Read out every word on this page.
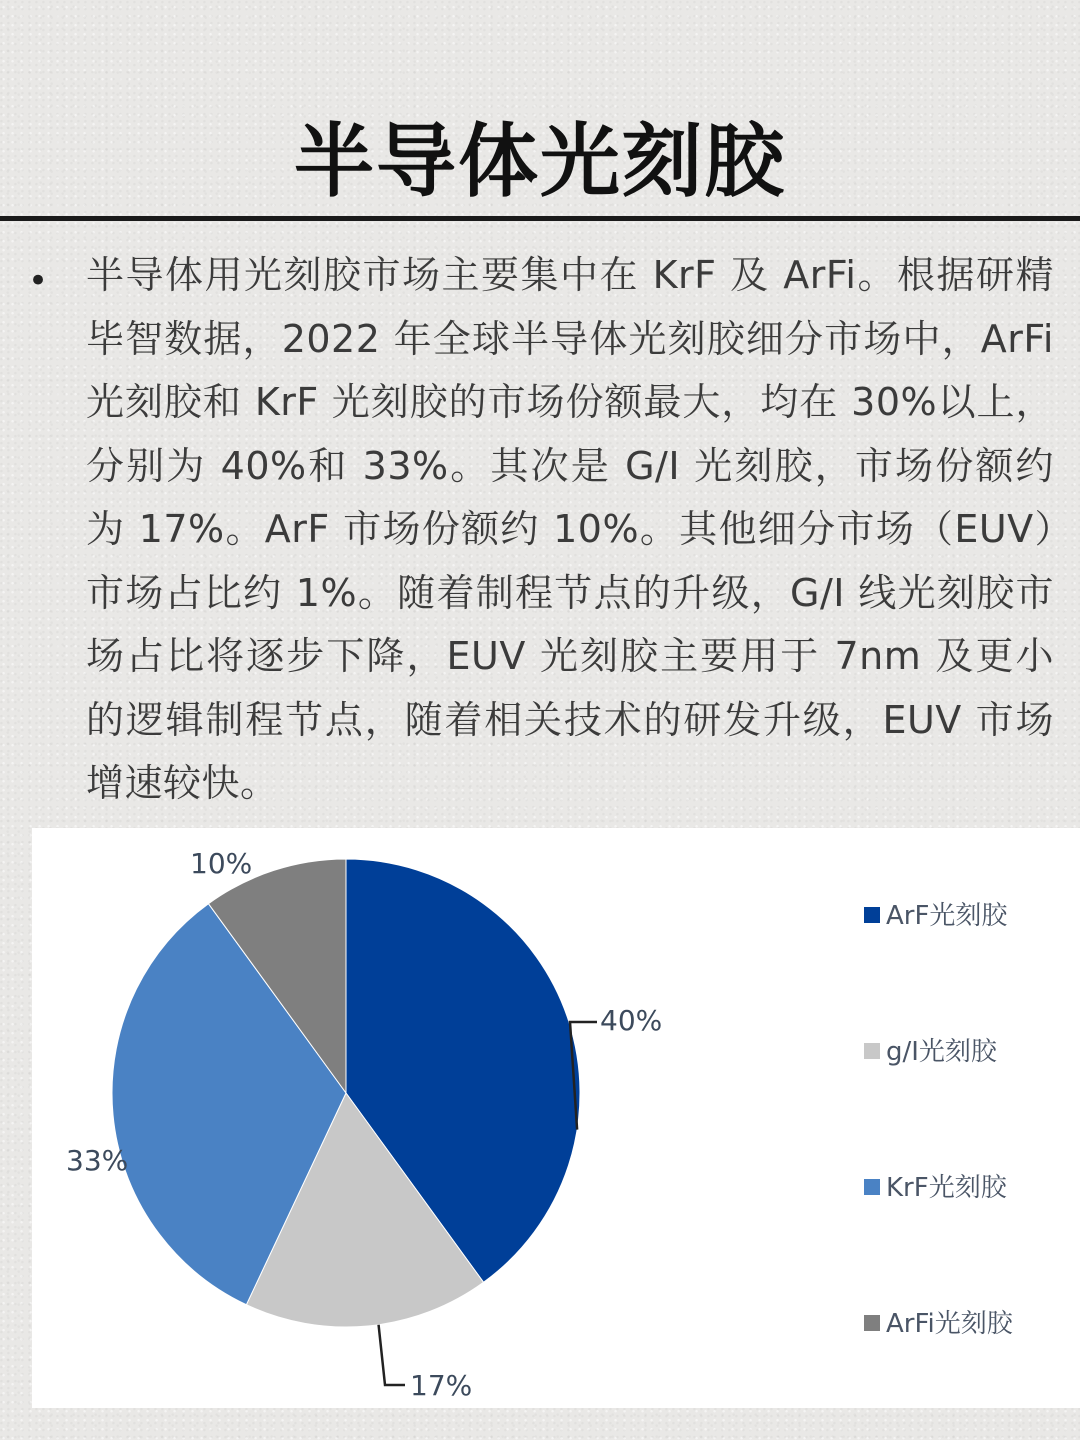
半导体光刻胶
• 半导体用光刻胶市场主要集中在 KrF 及 ArFi。根据研精毕智数据，2022 年全球半导体光刻胶细分市场中，ArFi 光刻胶和 KrF 光刻胶的市场份额最大，均在 30%以上，分别为 40%和 33%。其次是 G/I 光刻胶，市场份额约为 17%。ArF 市场份额约 10%。其他细分市场（EUV）市场占比约 1%。随着制程节点的升级，G/I 线光刻胶市场占比将逐步下降，EUV 光刻胶主要用于 7nm 及更小的逻辑制程节点，随着相关技术的研发升级，EUV 市场增速较快。

40%
17%
33%
10%
ArF光刻胶
g/I光刻胶
KrF光刻胶
ArFi光刻胶
